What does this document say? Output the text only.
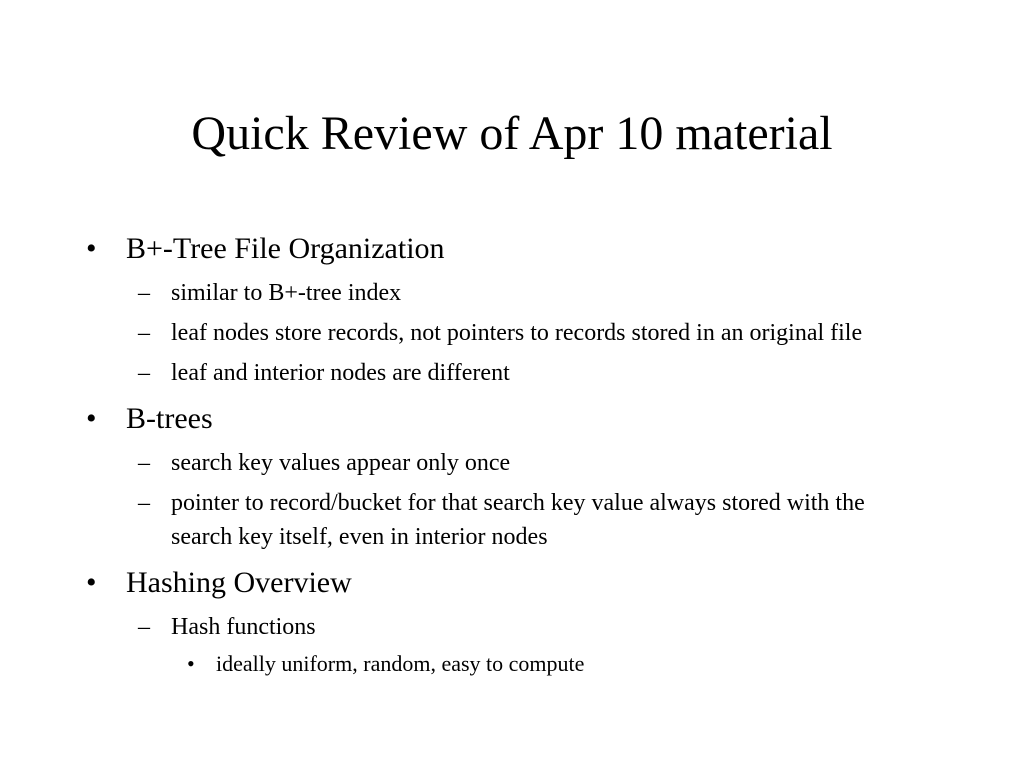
Quick Review of Apr 10 material
• B+-Tree File Organization
– similar to B+-tree index
– leaf nodes store records, not pointers to records stored in an original file
– leaf and interior nodes are different
• B-trees
– search key values appear only once
– pointer to record/bucket for that search key value always stored with the search key itself, even in interior nodes
• Hashing Overview
– Hash functions
• ideally uniform, random, easy to compute
